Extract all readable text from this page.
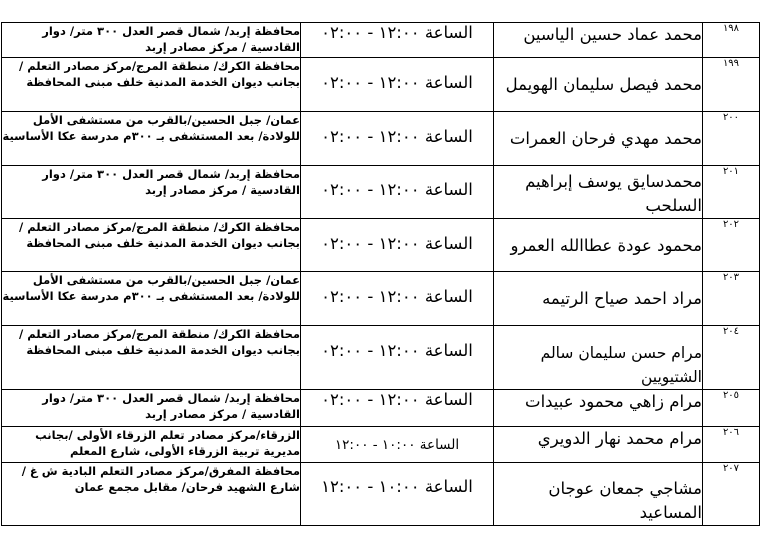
١٩٨	محمد عماد حسين الياسين	الساعة ١٢:٠٠ - ٠٢:٠٠	محافظة إربد/ شمال قصر العدل ٣٠٠ متر/ دوار القادسية / مركز مصادر إربد
١٩٩	محمد فيصل سليمان الهويمل	الساعة ١٢:٠٠ - ٠٢:٠٠	محافظة الكرك/ منطقة المرج/مركز مصادر التعلم / بجانب ديوان الخدمة المدنية خلف مبنى المحافظة
٢٠٠	محمد مهدي فرحان العمرات	الساعة ١٢:٠٠ - ٠٢:٠٠	عمان/ جبل الحسين/بالقرب من مستشفى الأمل للولادة/ بعد المستشفى بـ ٣٠٠م مدرسة عكا الأساسية
٢٠١	محمدسايق يوسف إبراهيم السلحب	الساعة ١٢:٠٠ - ٠٢:٠٠	محافظة إربد/ شمال قصر العدل ٣٠٠ متر/ دوار القادسية / مركز مصادر إربد
٢٠٢	محمود عودة عطاالله العمرو	الساعة ١٢:٠٠ - ٠٢:٠٠	محافظة الكرك/ منطقة المرج/مركز مصادر التعلم / بجانب ديوان الخدمة المدنية خلف مبنى المحافظة
٢٠٣	مراد احمد صياح الرتيمه	الساعة ١٢:٠٠ - ٠٢:٠٠	عمان/ جبل الحسين/بالقرب من مستشفى الأمل للولادة/ بعد المستشفى بـ ٣٠٠م مدرسة عكا الأساسية
٢٠٤	مرام حسن سليمان سالم الشتيويين	الساعة ١٢:٠٠ - ٠٢:٠٠	محافظة الكرك/ منطقة المرج/مركز مصادر التعلم / بجانب ديوان الخدمة المدنية خلف مبنى المحافظة
٢٠٥	مرام زاهي محمود عبيدات	الساعة ١٢:٠٠ - ٠٢:٠٠	محافظة إربد/ شمال قصر العدل ٣٠٠ متر/ دوار القادسية / مركز مصادر إربد
٢٠٦	مرام محمد نهار الدويري	الساعة ١٠:٠٠ - ١٢:٠٠	الزرقاء/مركز مصادر تعلم الزرقاء الأولى /بجانب مديرية تربية الزرقاء الأولى، شارع المعلم
٢٠٧	مشاجي جمعان عوجان المساعيد	الساعة ١٠:٠٠ - ١٢:٠٠	محافظة المفرق/مركز مصادر التعلم البادية ش غ / شارع الشهيد فرحان/ مقابل مجمع عمان
